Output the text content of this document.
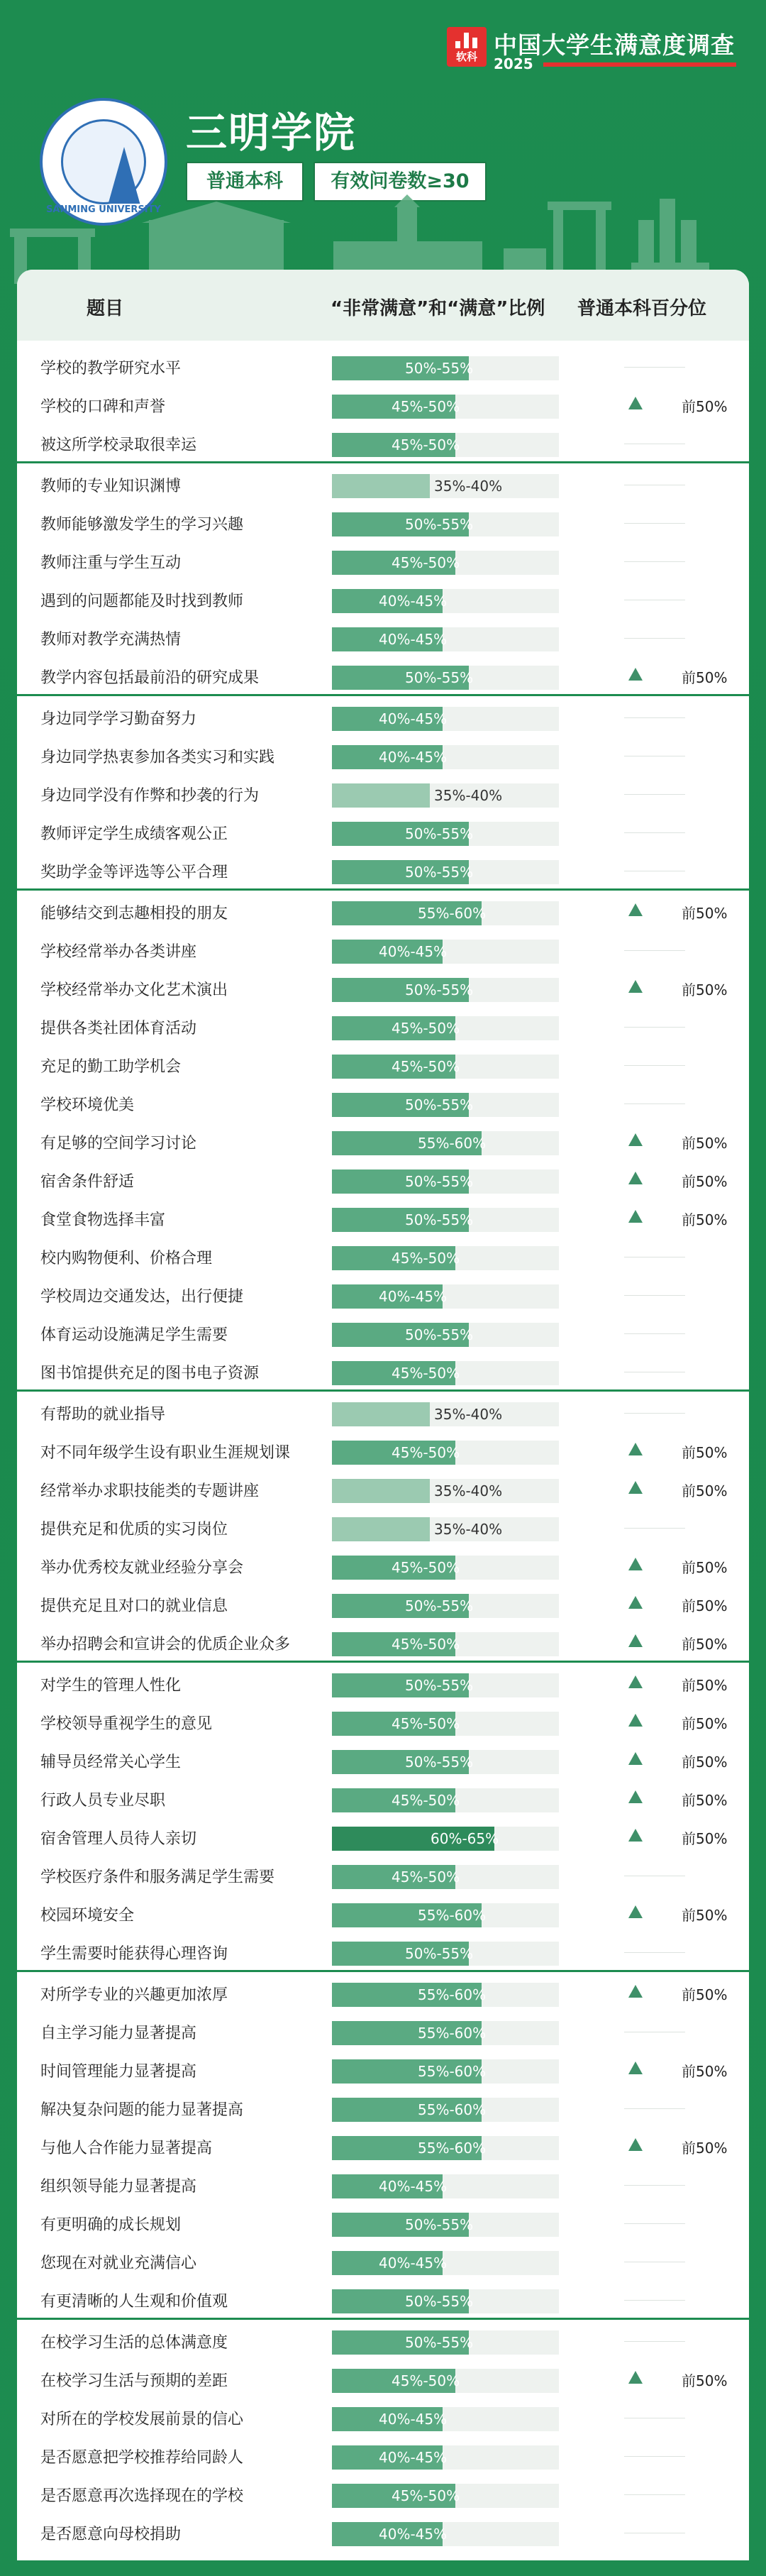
软科 中国大学生满意度调查
2025
SANMING UNIVERSITY
三明学院
普通本科	有效问卷数≥30
题目	“非常满意”和“满意”比例 普通本科百分位
学校的教学研究水平	50%-55%
学校的口碑和声誉	45%-50%	前50%
被这所学校录取很幸运	45%-50%
教师的专业知识渊博	35%-40%
教师能够激发学生的学习兴趣	50%-55%
教师注重与学生互动	45%-50%
遇到的问题都能及时找到教师	40%-45%
教师对教学充满热情	40%-45%
教学内容包括最前沿的研究成果	50%-55%	前50%
身边同学学习勤奋努力	40%-45%
身边同学热衷参加各类实习和实践	40%-45%
身边同学没有作弊和抄袭的行为	35%-40%
教师评定学生成绩客观公正	50%-55%
奖助学金等评选等公平合理	50%-55%
能够结交到志趣相投的朋友	55%-60%	前50%
学校经常举办各类讲座	40%-45%
学校经常举办文化艺术演出	50%-55%	前50%
提供各类社团体育活动	45%-50%
充足的勤工助学机会	45%-50%
学校环境优美	50%-55%
有足够的空间学习讨论	55%-60%	前50%
宿舍条件舒适	50%-55%	前50%
食堂食物选择丰富	50%-55%	前50%
校内购物便利、价格合理	45%-50%
学校周边交通发达，出行便捷	40%-45%
体育运动设施满足学生需要	50%-55%
图书馆提供充足的图书电子资源	45%-50%
有帮助的就业指导	35%-40%
对不同年级学生设有职业生涯规划课	45%-50%	前50%
经常举办求职技能类的专题讲座	35%-40%	前50%
提供充足和优质的实习岗位	35%-40%
举办优秀校友就业经验分享会	45%-50%	前50%
提供充足且对口的就业信息	50%-55%	前50%
举办招聘会和宣讲会的优质企业众多	45%-50%	前50%
对学生的管理人性化	50%-55%	前50%
学校领导重视学生的意见	45%-50%	前50%
辅导员经常关心学生	50%-55%	前50%
行政人员专业尽职	45%-50%	前50%
宿舍管理人员待人亲切	60%-65%	前50%
学校医疗条件和服务满足学生需要	45%-50%
校园环境安全	55%-60%	前50%
学生需要时能获得心理咨询	50%-55%
对所学专业的兴趣更加浓厚	55%-60%	前50%
自主学习能力显著提高	55%-60%
时间管理能力显著提高	55%-60%	前50%
解决复杂问题的能力显著提高	55%-60%
与他人合作能力显著提高	55%-60%	前50%
组织领导能力显著提高	40%-45%
有更明确的成长规划	50%-55%
您现在对就业充满信心	40%-45%
有更清晰的人生观和价值观	50%-55%
在校学习生活的总体满意度	50%-55%
在校学习生活与预期的差距	45%-50%	前50%
对所在的学校发展前景的信心	40%-45%
是否愿意把学校推荐给同龄人	40%-45%
是否愿意再次选择现在的学校	45%-50%
是否愿意向母校捐助	40%-45%
